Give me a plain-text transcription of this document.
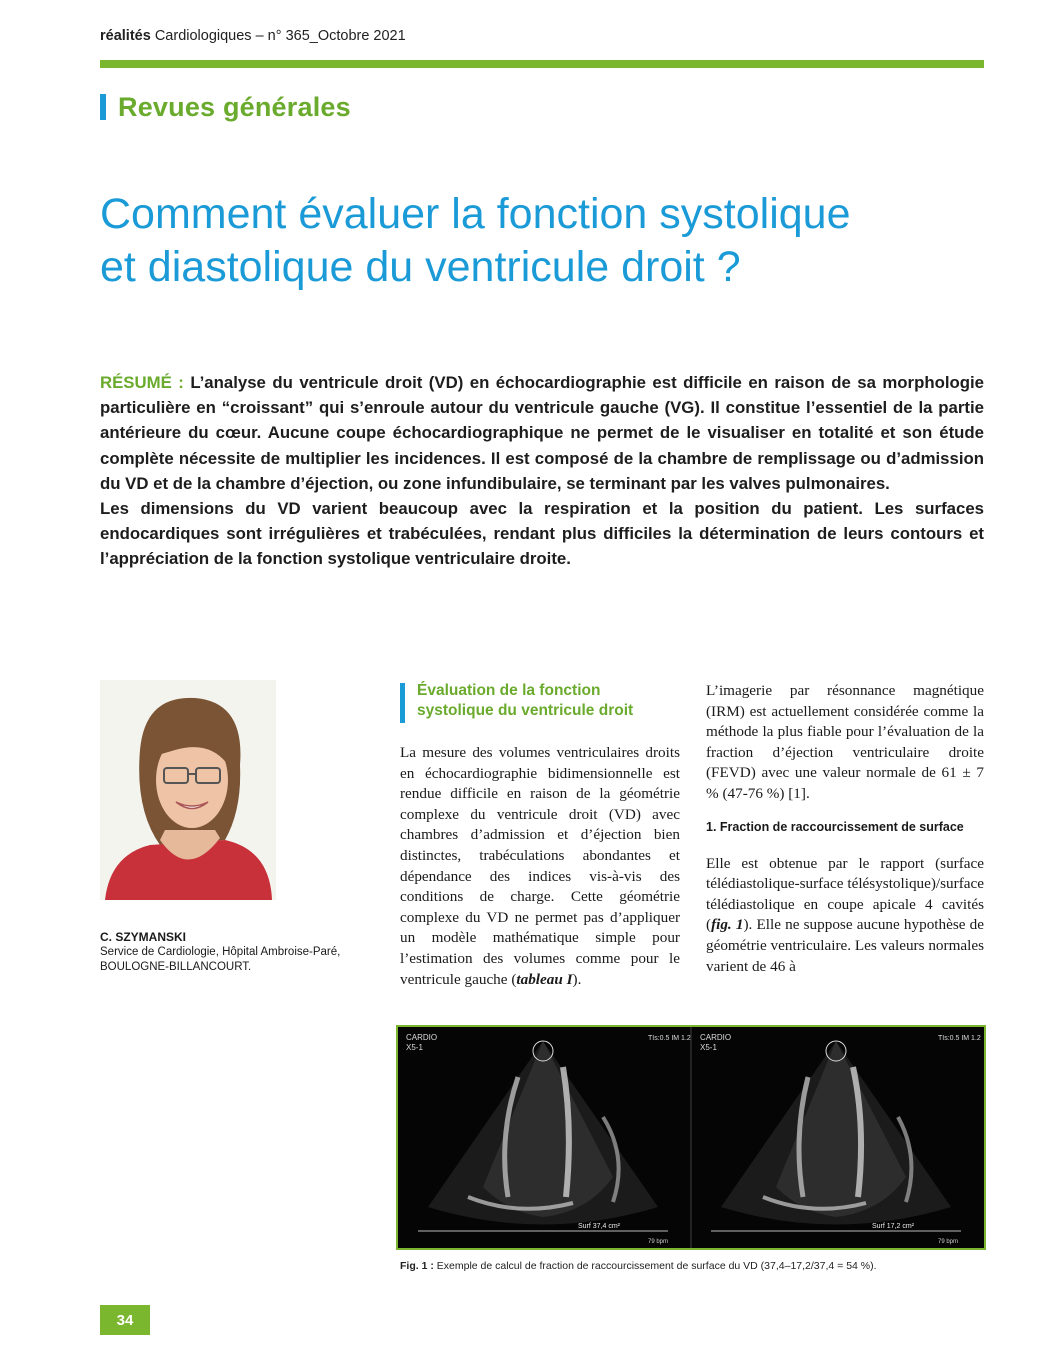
réalités Cardiologiques – n° 365_Octobre 2021
Revues générales
Comment évaluer la fonction systolique
et diastolique du ventricule droit ?

RÉSUMÉ : L’analyse du ventricule droit (VD) en échocardiographie est difficile en raison de sa morphologie particulière en “croissant” qui s’enroule autour du ventricule gauche (VG). Il constitue l’essentiel de la partie antérieure du cœur. Aucune coupe échocardiographique ne permet de le visualiser en totalité et son étude complète nécessite de multiplier les incidences. Il est composé de la chambre de remplissage ou d’admission du VD et de la chambre d’éjection, ou zone infundibulaire, se terminant par les valves pulmonaires.

Les dimensions du VD varient beaucoup avec la respiration et la position du patient. Les surfaces endocardiques sont irrégulières et trabéculées, rendant plus difficiles la détermination de leurs contours et l’appréciation de la fonction systolique ventriculaire droite.

C. SZYMANSKI
Service de Cardiologie, Hôpital Ambroise-Paré,
BOULOGNE-BILLANCOURT.
Évaluation de la fonction
systolique du ventricule droit

La mesure des volumes ventriculaires droits en échocardiographie bidimensionnelle est rendue difficile en raison de la géométrie complexe du ventricule droit (VD) avec chambres d’admission et d’éjection bien distinctes, trabéculations abondantes et dépendance des indices vis-à-vis des conditions de charge. Cette géométrie complexe du VD ne permet pas d’appliquer un modèle mathématique simple pour l’estimation des volumes comme pour le ventricule gauche (tableau I).

L’imagerie par résonnance magnétique (IRM) est actuellement considérée comme la méthode la plus fiable pour l’évaluation de la fraction d’éjection ventriculaire droite (FEVD) avec une valeur normale de 61 ± 7 % (47-76 %) [1].

1. Fraction de raccourcissement de surface

Elle est obtenue par le rapport (surface télédiastolique-surface télésystolique)/surface télédiastolique en coupe apicale 4 cavités (fig. 1). Elle ne suppose aucune hypothèse de géométrie ventriculaire. Les valeurs normales varient de 46 à

CARDIO
X5-1
TIs:0.5 IM 1.2
Surf 37,4 cm²
79 bpm
CARDIO
X5-1
TIs:0.5 IM 1.2
Surf 17,2 cm²
79 bpm
Fig. 1 : Exemple de calcul de fraction de raccourcissement de surface du VD (37,4–17,2/37,4 = 54 %).
34
